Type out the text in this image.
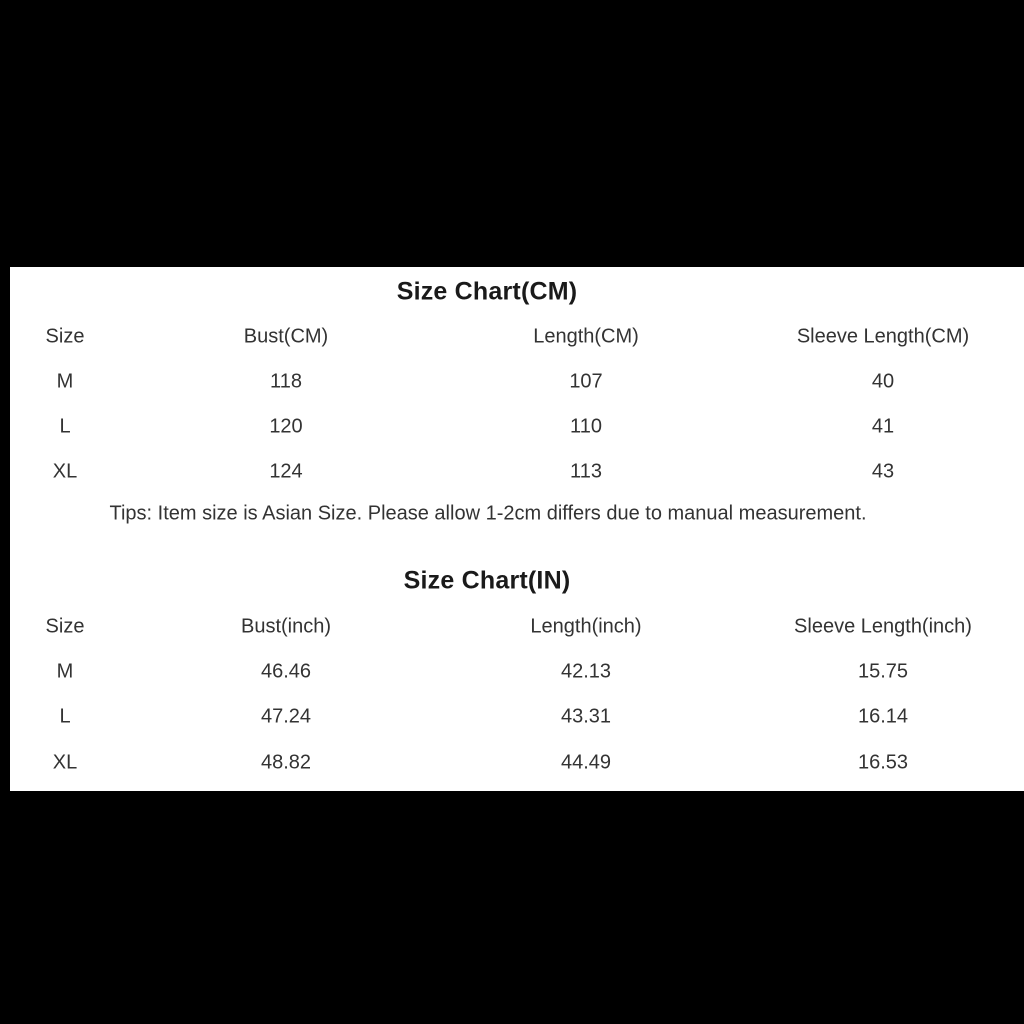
Size Chart(CM)
Size	Bust(CM)	Length(CM)	Sleeve Length(CM)
M	118	107	40
L	120	110	41
XL	124	113	43
Tips: Item size is Asian Size. Please allow 1-2cm differs due to manual measurement.
Size Chart(IN)
Size	Bust(inch)	Length(inch)	Sleeve Length(inch)
M	46.46	42.13	15.75
L	47.24	43.31	16.14
XL	48.82	44.49	16.53
